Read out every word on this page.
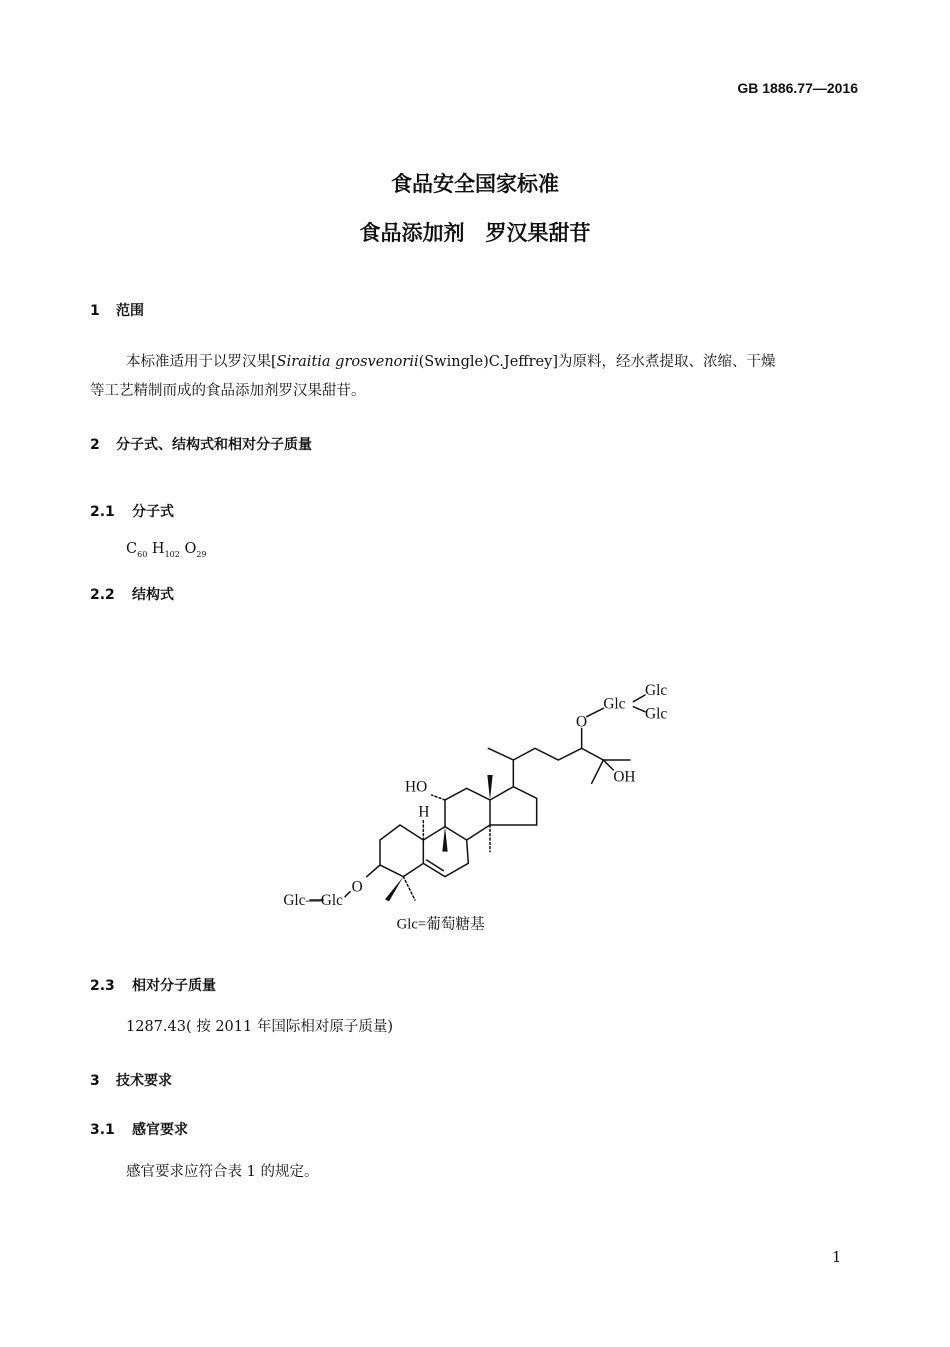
GB 1886.77—2016
食品安全国家标准
食品添加剂　罗汉果甜苷
1 范围
本标准适用于以罗汉果[Siraitia grosvenorii(Swingle)C.Jeffrey]为原料，经水煮提取、浓缩、干燥
等工艺精制而成的食品添加剂罗汉果甜苷。
2 分子式、结构式和相对分子质量
2.1 分子式
$C_{60}$ $H_{102}$ $O_{29}$
2.2 结构式
Glc
Glc
Glc
O
OH
HO
H
O
Glc—Glc
Glc=葡萄糖基
2.3 相对分子质量
1287.43( 按 2011 年国际相对原子质量)
3 技术要求
3.1 感官要求
感官要求应符合表 1 的规定。
1
